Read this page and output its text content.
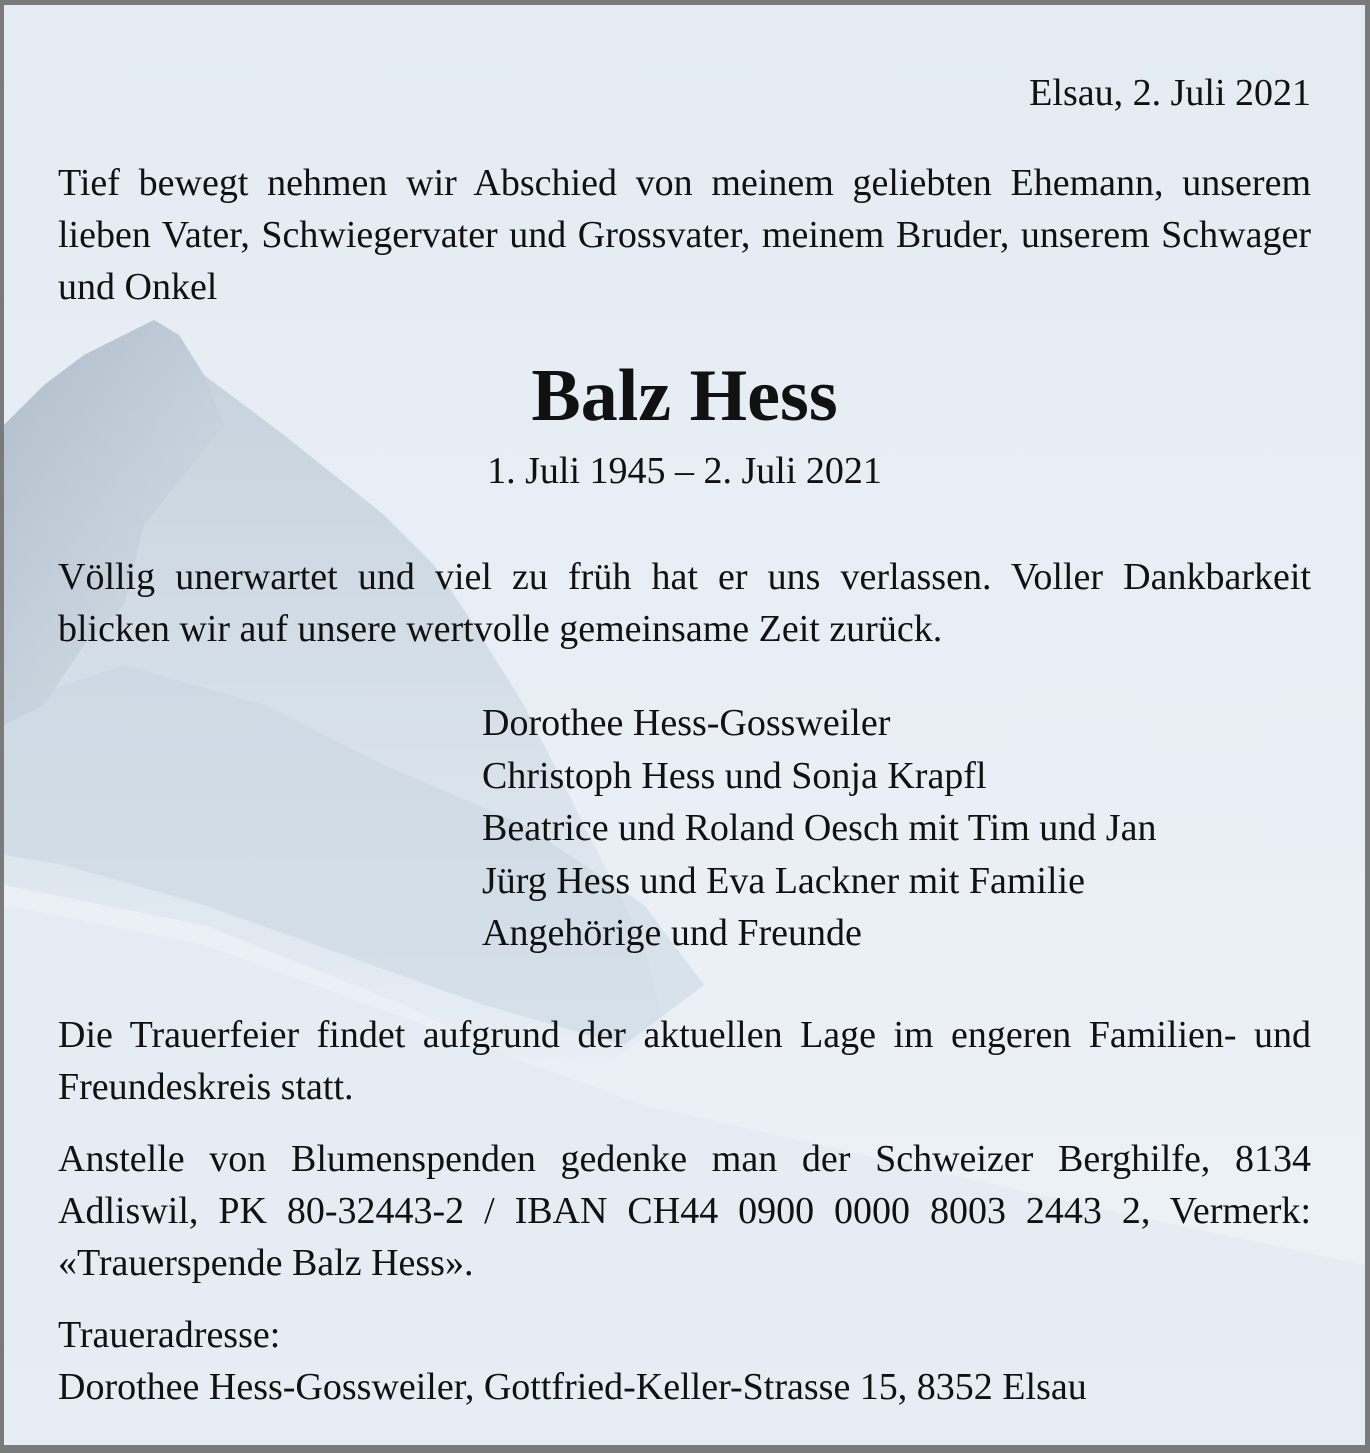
Elsau, 2. Juli 2021

Tief bewegt nehmen wir Abschied von meinem geliebten Ehemann, unserem lieben Vater, Schwiegervater und Grossvater, meinem Bruder, unserem Schwager und Onkel

Balz Hess
1. Juli 1945 – 2. Juli 2021

Völlig unerwartet und viel zu früh hat er uns verlassen. Voller Dankbarkeit blicken wir auf unsere wertvolle gemeinsame Zeit zurück.

Dorothee Hess-Gossweiler
Christoph Hess und Sonja Krapfl
Beatrice und Roland Oesch mit Tim und Jan
Jürg Hess und Eva Lackner mit Familie
Angehörige und Freunde

Die Trauerfeier findet aufgrund der aktuellen Lage im engeren Familien- und Freundeskreis statt.

Anstelle von Blumenspenden gedenke man der Schweizer Berghilfe, 8134 Adliswil, PK 80-32443-2 / IBAN CH44 0900 0000 8003 2443 2, Vermerk: «Trauerspende Balz Hess».

Traueradresse:

Dorothee Hess-Gossweiler, Gottfried-Keller-Strasse 15, 8352 Elsau
